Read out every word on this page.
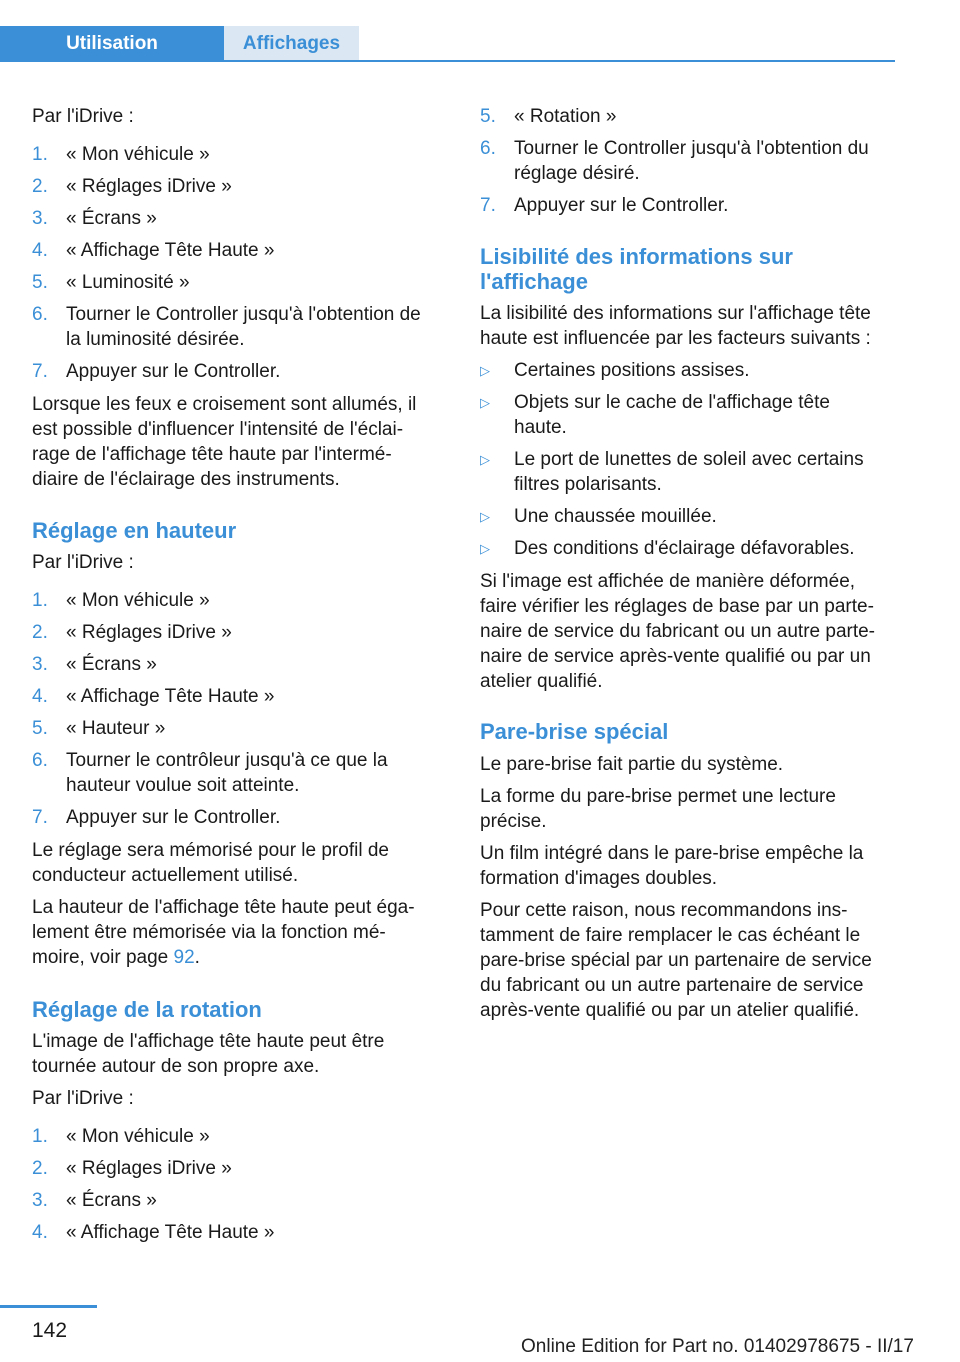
Utilisation	Affichages
Par l'iDrive :
1. « Mon véhicule »
2. « Réglages iDrive »
3. « Écrans »
4. « Affichage Tête Haute »
5. « Luminosité »
6. Tourner le Controller jusqu'à l'obtention de
la luminosité désirée.
7. Appuyer sur le Controller.
Lorsque les feux e croisement sont allumés, il
est possible d'influencer l'intensité de l'éclai‐
rage de l'affichage tête haute par l'intermé‐
diaire de l'éclairage des instruments.
Réglage en hauteur
Par l'iDrive :
1. « Mon véhicule »
2. « Réglages iDrive »
3. « Écrans »
4. « Affichage Tête Haute »
5. « Hauteur »
6. Tourner le contrôleur jusqu'à ce que la
hauteur voulue soit atteinte.
7. Appuyer sur le Controller.
Le réglage sera mémorisé pour le profil de
conducteur actuellement utilisé.
La hauteur de l'affichage tête haute peut éga‐
lement être mémorisée via la fonction mé‐
moire, voir page 92.
Réglage de la rotation
L'image de l'affichage tête haute peut être
tournée autour de son propre axe.
Par l'iDrive :
1. « Mon véhicule »
2. « Réglages iDrive »
3. « Écrans »
4. « Affichage Tête Haute »
5. « Rotation »
6. Tourner le Controller jusqu'à l'obtention du
réglage désiré.
7. Appuyer sur le Controller.
Lisibilité des informations sur
l'affichage
La lisibilité des informations sur l'affichage tête
haute est influencée par les facteurs suivants :
▷ Certaines positions assises.
▷ Objets sur le cache de l'affichage tête
haute.
▷ Le port de lunettes de soleil avec certains
filtres polarisants.
▷ Une chaussée mouillée.
▷ Des conditions d'éclairage défavorables.
Si l'image est affichée de manière déformée,
faire vérifier les réglages de base par un parte‐
naire de service du fabricant ou un autre parte‐
naire de service après-vente qualifié ou par un
atelier qualifié.
Pare-brise spécial
Le pare-brise fait partie du système.
La forme du pare-brise permet une lecture
précise.
Un film intégré dans le pare-brise empêche la
formation d'images doubles.
Pour cette raison, nous recommandons ins‐
tamment de faire remplacer le cas échéant le
pare-brise spécial par un partenaire de service
du fabricant ou un autre partenaire de service
après-vente qualifié ou par un atelier qualifié.
142
Online Edition for Part no. 01402978675 - II/17
